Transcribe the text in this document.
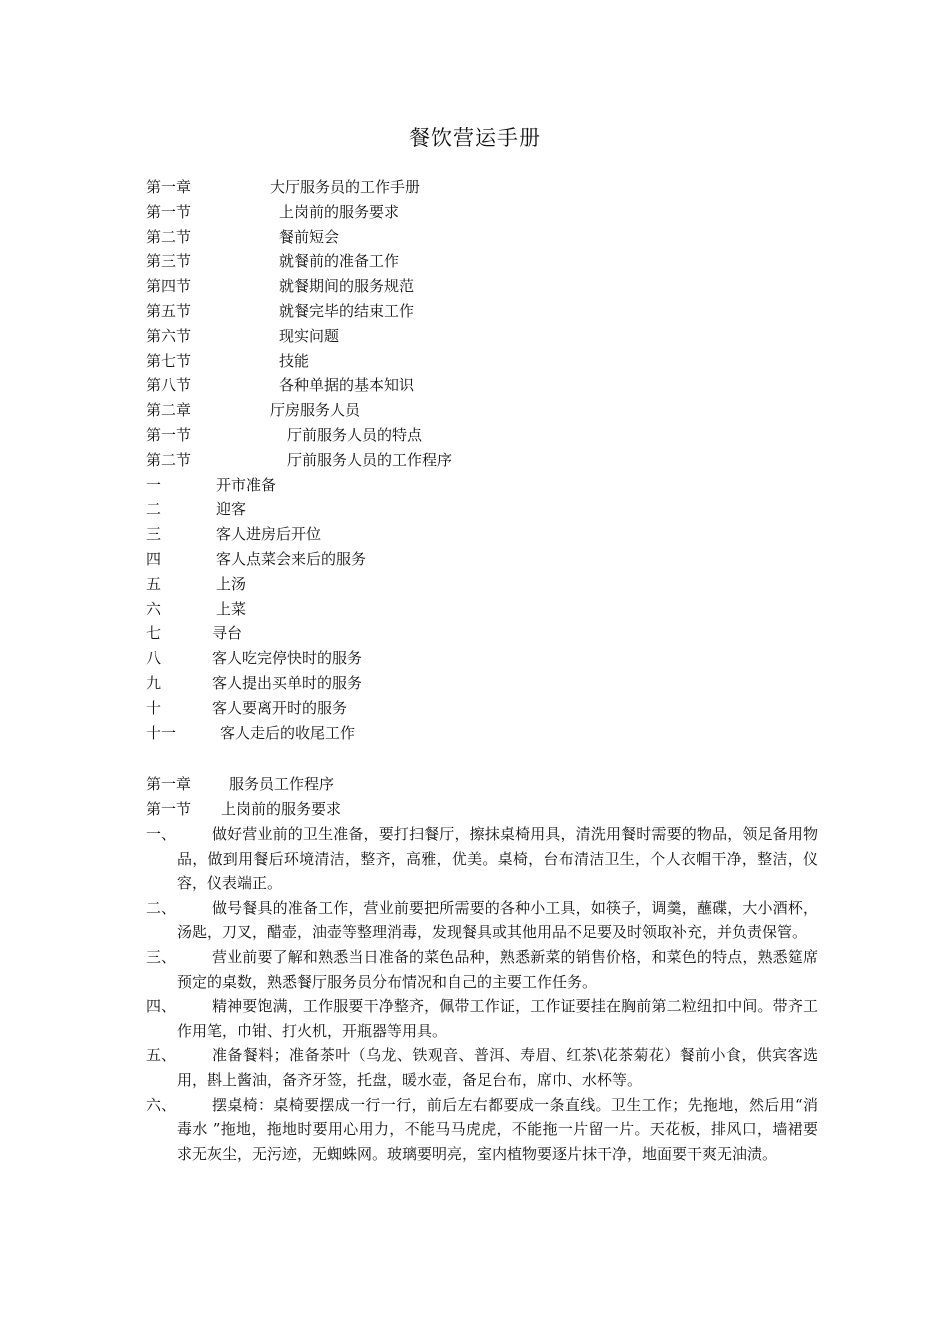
餐饮营运手册
第一章	大厅服务员的工作手册
第一节	上岗前的服务要求
第二节	餐前短会
第三节	就餐前的准备工作
第四节	就餐期间的服务规范
第五节	就餐完毕的结束工作
第六节	现实问题
第七节	技能
第八节	各种单据的基本知识
第二章	厅房服务人员
第一节	厅前服务人员的特点
第二节	厅前服务人员的工作程序
一	开市准备
二	迎客
三	客人进房后开位
四	客人点菜会来后的服务
五	上汤
六	上菜
七	寻台
八	客人吃完停快时的服务
九	客人提出买单时的服务
十	客人要离开时的服务
十一	客人走后的收尾工作
第一章	服务员工作程序
第一节 上岗前的服务要求
一、	做好营业前的卫生准备，要打扫餐厅，擦抹桌椅用具，清洗用餐时需要的物品，领足备用物品，做到用餐后环境清洁，整齐，高雅，优美。桌椅，台布清洁卫生，个人衣帽干净，整洁，仪容，仪表端正。
二、	做号餐具的准备工作，营业前要把所需要的各种小工具，如筷子，调羹，蘸碟，大小酒杯，汤匙，刀叉，醋壶，油壶等整理消毒，发现餐具或其他用品不足要及时领取补充，并负责保管。
三、	营业前要了解和熟悉当日准备的菜色品种，熟悉新菜的销售价格，和菜色的特点，熟悉筵席预定的桌数，熟悉餐厅服务员分布情况和自己的主要工作任务。
四、	精神要饱满，工作服要干净整齐，佩带工作证，工作证要挂在胸前第二粒纽扣中间。带齐工作用笔，巾钳、打火机，开瓶器等用具。
五、	准备餐料；准备茶叶（乌龙、铁观音、普洱、寿眉、红茶\花茶菊花）餐前小食，供宾客选用，斟上酱油，备齐牙签，托盘，暖水壶，备足台布，席巾、水杯等。
六、	摆桌椅：桌椅要摆成一行一行，前后左右都要成一条直线。卫生工作；先拖地，然后用“消毒水 ”拖地，拖地时要用心用力，不能马马虎虎，不能拖一片留一片。天花板，排风口，墙裙要求无灰尘，无污迹，无蜘蛛网。玻璃要明亮，室内植物要逐片抹干净，地面要干爽无油渍。
